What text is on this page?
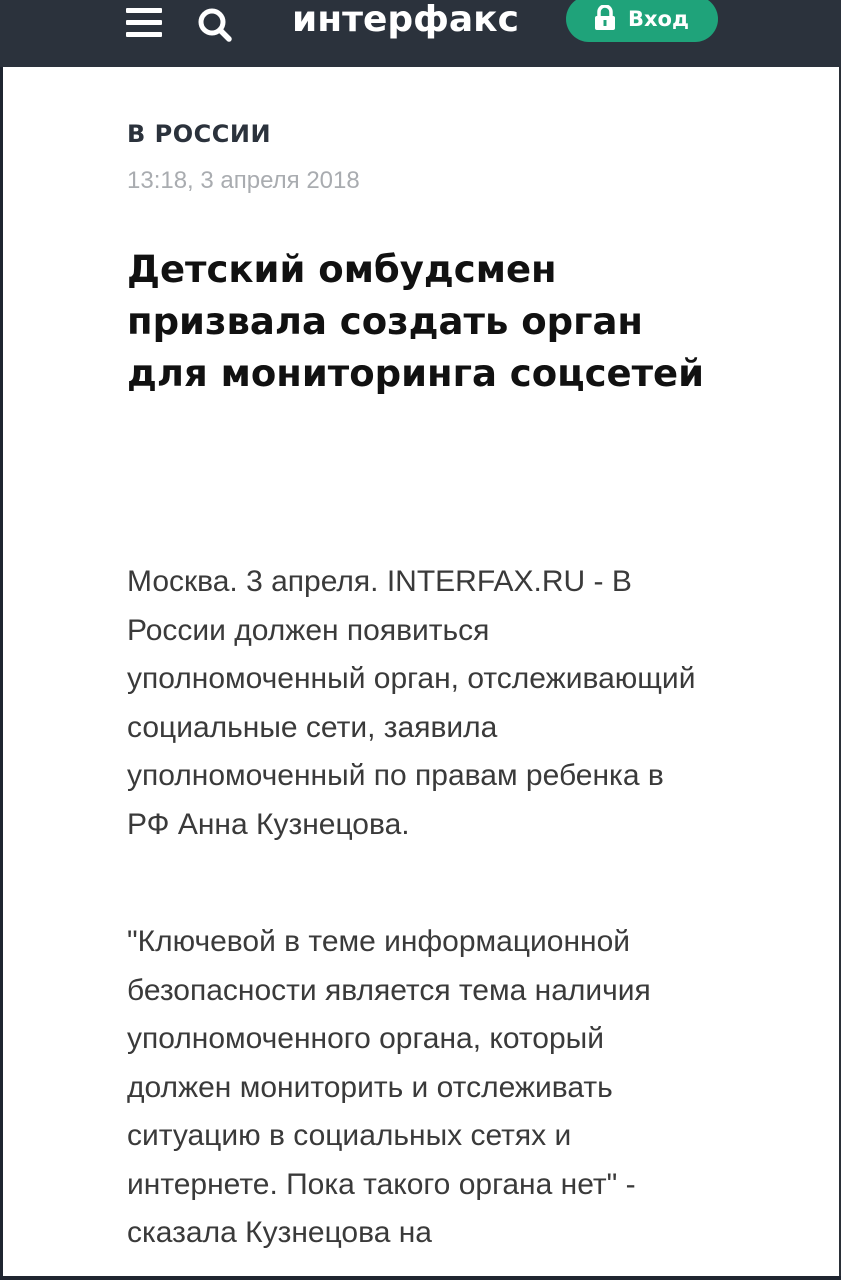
интерфакс	Вход
В РОССИИ
13:18, 3 апреля 2018
Детский омбудсмен призвала создать орган для мониторинга соцсетей

Москва. 3 апреля. INTERFAX.RU - В России должен появиться уполномоченный орган, отслеживающий социальные сети, заявила уполномоченный по правам ребенка в РФ Анна Кузнецова.

"Ключевой в теме информационной безопасности является тема наличия уполномоченного органа, который должен мониторить и отслеживать ситуацию в социальных сетях и интернете. Пока такого органа нет" - сказала Кузнецова на
